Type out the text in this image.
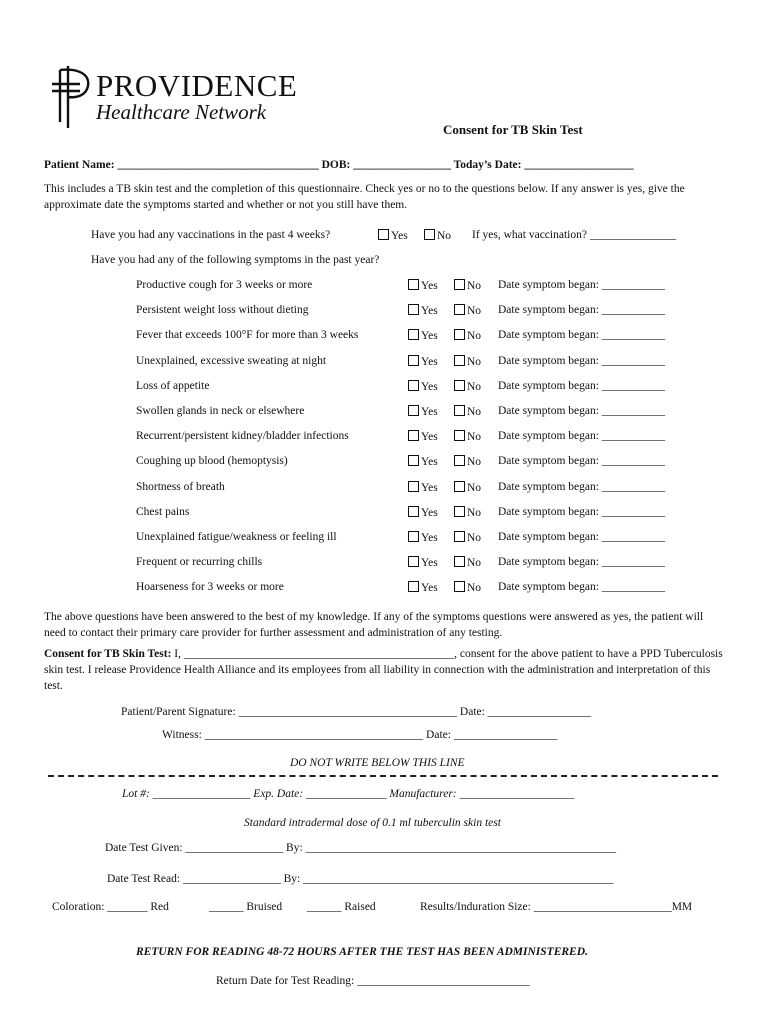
PROVIDENCE
Healthcare Network
Consent for TB Skin Test
Patient Name: ___________________________________ DOB: _________________ Today’s Date: ___________________
This includes a TB skin test and the completion of this questionnaire. Check yes or no to the questions below. If any answer is yes, give the approximate date the symptoms started and whether or not you still have them.
Have you had any vaccinations in the past 4 weeks?	Yes	No If yes, what vaccination? _______________
Have you had any of the following symptoms in the past year?
Productive cough for 3 weeks or more	Yes	No Date symptom began: ___________
Persistent weight loss without dieting	Yes	No Date symptom began: ___________
Fever that exceeds 100°F for more than 3 weeks	Yes	No Date symptom began: ___________
Unexplained, excessive sweating at night	Yes	No Date symptom began: ___________
Loss of appetite	Yes	No Date symptom began: ___________
Swollen glands in neck or elsewhere	Yes	No Date symptom began: ___________
Recurrent/persistent kidney/bladder infections	Yes	No Date symptom began: ___________
Coughing up blood (hemoptysis)	Yes	No Date symptom began: ___________
Shortness of breath	Yes	No Date symptom began: ___________
Chest pains	Yes	No Date symptom began: ___________
Unexplained fatigue/weakness or feeling ill	Yes	No Date symptom began: ___________
Frequent or recurring chills	Yes	No Date symptom began: ___________
Hoarseness for 3 weeks or more	Yes	No Date symptom began: ___________
The above questions have been answered to the best of my knowledge. If any of the symptoms questions were answered as yes, the patient will need to contact their primary care provider for further assessment and administration of any testing.
Consent for TB Skin Test: I, _______________________________________________, consent for the above patient to have a PPD Tuberculosis skin test. I release Providence Health Alliance and its employees from all liability in connection with the administration and interpretation of this test.
Patient/Parent Signature: ______________________________________ Date: __________________
Witness: ______________________________________ Date: __________________
DO NOT WRITE BELOW THIS LINE
Lot #: _________________ Exp. Date: ______________ Manufacturer: ____________________
Standard intradermal dose of 0.1 ml tuberculin skin test
Date Test Given: _________________ By: ______________________________________________________
Date Test Read: _________________ By: ______________________________________________________
Coloration: _______ Red	______ Bruised ______ Raised	Results/Induration Size: ________________________MM
RETURN FOR READING 48-72 HOURS AFTER THE TEST HAS BEEN ADMINISTERED.
Return Date for Test Reading: ______________________________
